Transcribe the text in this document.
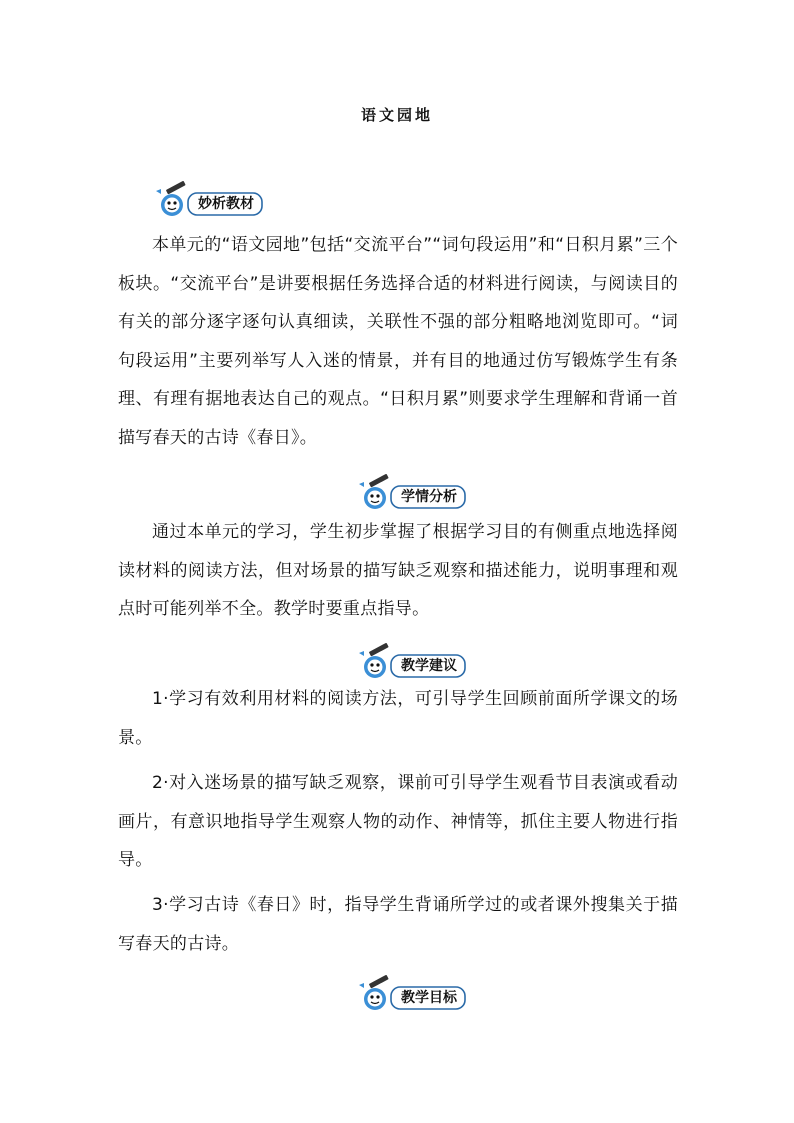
语文园地
妙析教材

本单元的“语文园地”包括“交流平台”“词句段运用”和“日积月累”三个板块。“交流平台”是讲要根据任务选择合适的材料进行阅读，与阅读目的有关的部分逐字逐句认真细读，关联性不强的部分粗略地浏览即可。“词句段运用”主要列举写人入迷的情景，并有目的地通过仿写锻炼学生有条理、有理有据地表达自己的观点。“日积月累”则要求学生理解和背诵一首描写春天的古诗《春日》。

学情分析

通过本单元的学习，学生初步掌握了根据学习目的有侧重点地选择阅读材料的阅读方法，但对场景的描写缺乏观察和描述能力，说明事理和观点时可能列举不全。教学时要重点指导。

教学建议

1·学习有效利用材料的阅读方法，可引导学生回顾前面所学课文的场景。

2·对入迷场景的描写缺乏观察，课前可引导学生观看节目表演或看动画片，有意识地指导学生观察人物的动作、神情等，抓住主要人物进行指导。

3·学习古诗《春日》时，指导学生背诵所学过的或者课外搜集关于描写春天的古诗。

教学目标
